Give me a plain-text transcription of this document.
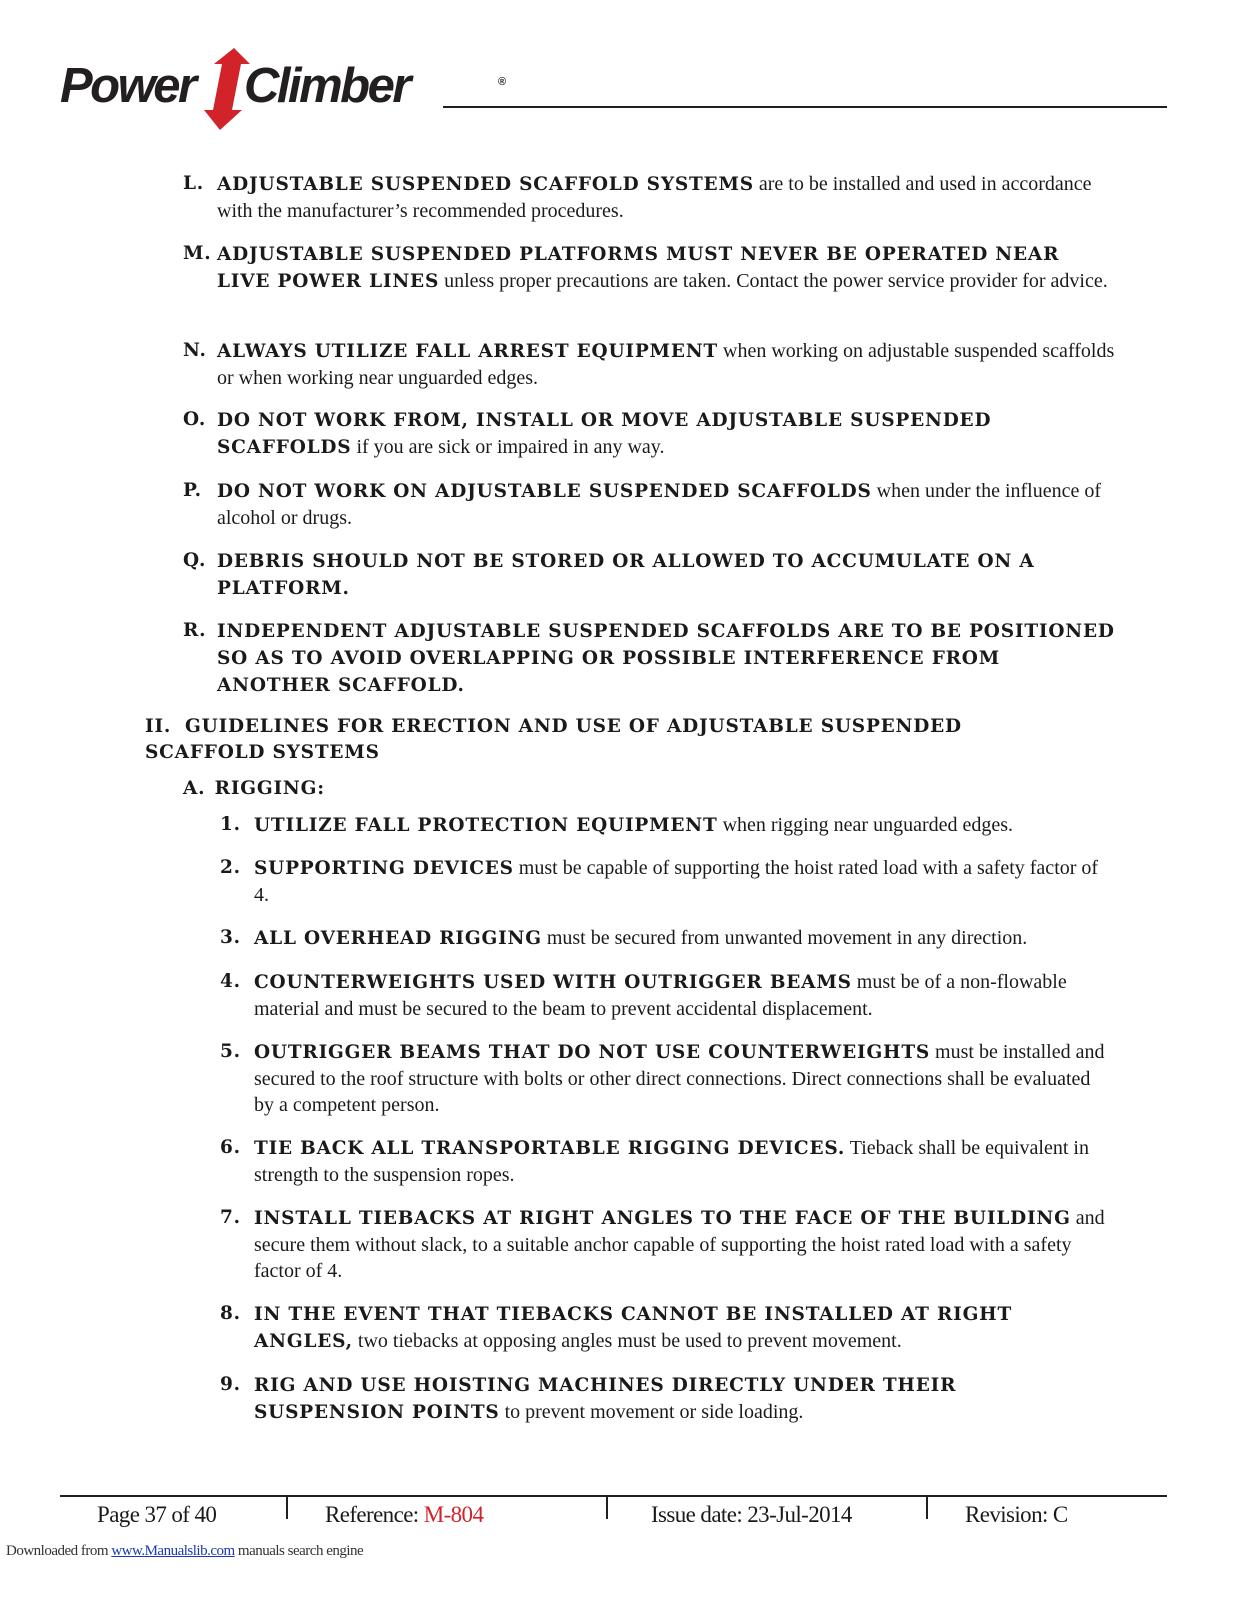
Power Climber	®
L. ADJUSTABLE SUSPENDED SCAFFOLD SYSTEMS are to be installed and used in accordance with the manufacturer’s recommended procedures.
M. ADJUSTABLE SUSPENDED PLATFORMS MUST NEVER BE OPERATED NEAR LIVE POWER LINES unless proper precautions are taken. Contact the power service provider for advice.
N. ALWAYS UTILIZE FALL ARREST EQUIPMENT when working on adjustable suspended scaffolds or when working near unguarded edges.
O. DO NOT WORK FROM, INSTALL OR MOVE ADJUSTABLE SUSPENDED SCAFFOLDS if you are sick or impaired in any way.
P. DO NOT WORK ON ADJUSTABLE SUSPENDED SCAFFOLDS when under the influence of alcohol or drugs.
Q. DEBRIS SHOULD NOT BE STORED OR ALLOWED TO ACCUMULATE ON A PLATFORM.
R. INDEPENDENT ADJUSTABLE SUSPENDED SCAFFOLDS ARE TO BE POSITIONED SO AS TO AVOID OVERLAPPING OR POSSIBLE INTERFERENCE FROM ANOTHER SCAFFOLD.
II. GUIDELINES FOR ERECTION AND USE OF ADJUSTABLE SUSPENDED SCAFFOLD SYSTEMS
A. RIGGING:
1. UTILIZE FALL PROTECTION EQUIPMENT when rigging near unguarded edges.
2. SUPPORTING DEVICES must be capable of supporting the hoist rated load with a safety factor of 4.
3. ALL OVERHEAD RIGGING must be secured from unwanted movement in any direction.
4. COUNTERWEIGHTS USED WITH OUTRIGGER BEAMS must be of a non-flowable material and must be secured to the beam to prevent accidental displacement.
5. OUTRIGGER BEAMS THAT DO NOT USE COUNTERWEIGHTS must be installed and secured to the roof structure with bolts or other direct connections. Direct connections shall be evaluated by a competent person.
6. TIE BACK ALL TRANSPORTABLE RIGGING DEVICES. Tieback shall be equivalent in strength to the suspension ropes.
7. INSTALL TIEBACKS AT RIGHT ANGLES TO THE FACE OF THE BUILDING and secure them without slack, to a suitable anchor capable of supporting the hoist rated load with a safety factor of 4.
8. IN THE EVENT THAT TIEBACKS CANNOT BE INSTALLED AT RIGHT ANGLES, two tiebacks at opposing angles must be used to prevent movement.
9. RIG AND USE HOISTING MACHINES DIRECTLY UNDER THEIR SUSPENSION POINTS to prevent movement or side loading.
Page 37 of 40	Reference: M-804	Issue date: 23-Jul-2014	Revision: C
Downloaded from www.Manualslib.com manuals search engine
